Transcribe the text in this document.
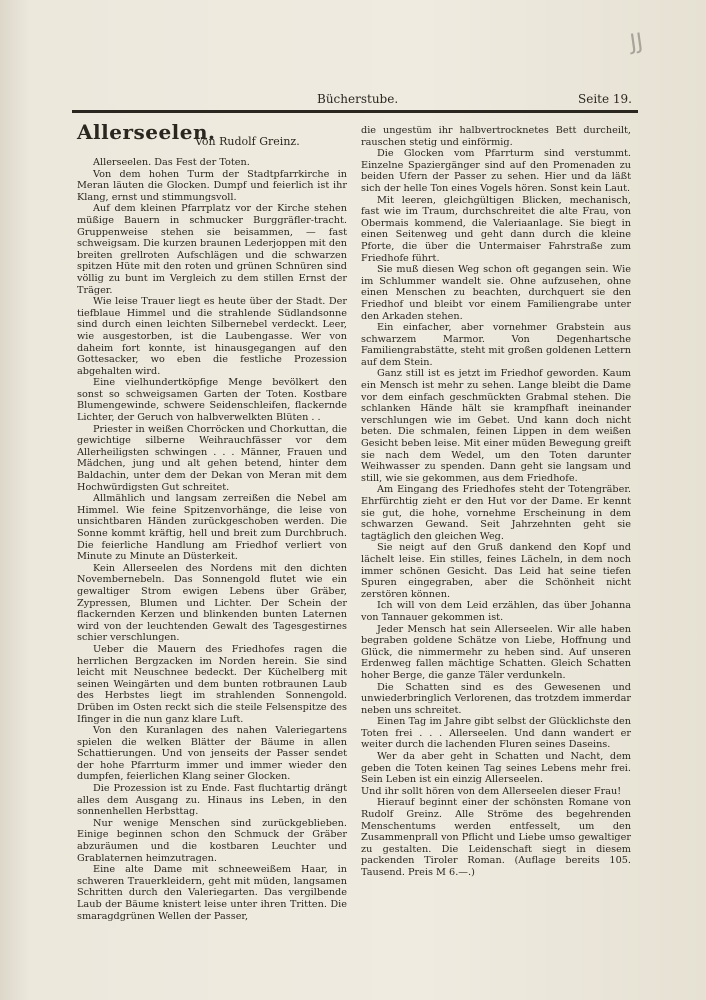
JJ
Bücherstube.	Seite 19.
Allerseelen.
Von Rudolf Greinz.

Allerseelen. Das Fest der Toten.

Von dem hohen Turm der Stadtpfarrkirche in Meran läuten die Glocken. Dumpf und feierlich ist ihr Klang, ernst und stimmungsvoll.

Auf dem kleinen Pfarrplatz vor der Kirche stehen müßige Bauern in schmucker Burggräfler-tracht. Gruppenweise stehen sie beisammen, — fast schweigsam. Die kurzen braunen Lederjoppen mit den breiten grellroten Aufschlägen und die schwarzen spitzen Hüte mit den roten und grünen Schnüren sind völlig zu bunt im Vergleich zu dem stillen Ernst der Träger.

Wie leise Trauer liegt es heute über der Stadt. Der tiefblaue Himmel und die strahlende Südlandsonne sind durch einen leichten Silbernebel verdeckt. Leer, wie ausgestorben, ist die Laubengasse. Wer von daheim fort konnte, ist hinausgegangen auf den Gottesacker, wo eben die festliche Prozession abgehalten wird.

Eine vielhundertköpfige Menge bevölkert den sonst so schweigsamen Garten der Toten. Kostbare Blumengewinde, schwere Seidenschleifen, flackernde Lichter, der Geruch von halbverwelkten Blüten . .

Priester in weißen Chorröcken und Chorkuttan, die gewichtige silberne Weihrauchfässer vor dem Allerheiligsten schwingen . . . Männer, Frauen und Mädchen, jung und alt gehen betend, hinter dem Baldachin, unter dem der Dekan von Meran mit dem Hochwürdigsten Gut schreitet.

Allmählich und langsam zerreißen die Nebel am Himmel. Wie feine Spitzenvorhänge, die leise von unsichtbaren Händen zurückgeschoben werden. Die Sonne kommt kräftig, hell und breit zum Durchbruch. Die feierliche Handlung am Friedhof verliert von Minute zu Minute an Düsterkeit.

Kein Allerseelen des Nordens mit den dichten Novembernebeln. Das Sonnengold flutet wie ein gewaltiger Strom ewigen Lebens über Gräber, Zypressen, Blumen und Lichter. Der Schein der flackernden Kerzen und blinkenden bunten Laternen wird von der leuchtenden Gewalt des Tagesgestirnes schier verschlungen.

Ueber die Mauern des Friedhofes ragen die herrlichen Bergzacken im Norden herein. Sie sind leicht mit Neuschnee bedeckt. Der Küchelberg mit seinen Weingärten und dem bunten rotbraunen Laub des Herbstes liegt im strahlenden Sonnengold. Drüben im Osten reckt sich die steile Felsenspitze des Ifinger in die nun ganz klare Luft.

Von den Kuranlagen des nahen Valeriegartens spielen die welken Blätter der Bäume in allen Schattierungen. Und von jenseits der Passer sendet der hohe Pfarrturm immer und immer wieder den dumpfen, feierlichen Klang seiner Glocken.

Die Prozession ist zu Ende. Fast fluchtartig drängt alles dem Ausgang zu. Hinaus ins Leben, in den sonnenhellen Herbsttag.

Nur wenige Menschen sind zurückgeblieben. Einige beginnen schon den Schmuck der Gräber abzuräumen und die kostbaren Leuchter und Grablaternen heimzutragen.

Eine alte Dame mit schneeweißem Haar, in schweren Trauerkleidern, geht mit müden, langsamen Schritten durch den Valeriegarten. Das vergilbende Laub der Bäume knistert leise unter ihren Tritten. Die smaragdgrünen Wellen der Passer,

die ungestüm ihr halbvertrocknetes Bett durcheilt, rauschen stetig und einförmig.

Die Glocken vom Pfarrturm sind verstummt. Einzelne Spaziergänger sind auf den Promenaden zu beiden Ufern der Passer zu sehen. Hier und da läßt sich der helle Ton eines Vogels hören. Sonst kein Laut.

Mit leeren, gleichgültigen Blicken, mechanisch, fast wie im Traum, durchschreitet die alte Frau, von Obermais kommend, die Valeriaanlage. Sie biegt in einen Seitenweg und geht dann durch die kleine Pforte, die über die Untermaiser Fahrstraße zum Friedhofe führt.

Sie muß diesen Weg schon oft gegangen sein. Wie im Schlummer wandelt sie. Ohne aufzusehen, ohne einen Menschen zu beachten, durchquert sie den Friedhof und bleibt vor einem Familiengrabe unter den Arkaden stehen.

Ein einfacher, aber vornehmer Grabstein aus schwarzem Marmor. Von Degenhartsche Familiengrabstätte, steht mit großen goldenen Lettern auf dem Stein.

Ganz still ist es jetzt im Friedhof geworden. Kaum ein Mensch ist mehr zu sehen. Lange bleibt die Dame vor dem einfach geschmückten Grabmal stehen. Die schlanken Hände hält sie krampfhaft ineinander verschlungen wie im Gebet. Und kann doch nicht beten. Die schmalen, feinen Lippen in dem weißen Gesicht beben leise. Mit einer müden Bewegung greift sie nach dem Wedel, um den Toten darunter Weihwasser zu spenden. Dann geht sie langsam und still, wie sie gekommen, aus dem Friedhofe.

Am Eingang des Friedhofes steht der Totengräber. Ehrfürchtig zieht er den Hut vor der Dame. Er kennt sie gut, die hohe, vornehme Erscheinung in dem schwarzen Gewand. Seit Jahrzehnten geht sie tagtäglich den gleichen Weg.

Sie neigt auf den Gruß dankend den Kopf und lächelt leise. Ein stilles, feines Lächeln, in dem noch immer schönen Gesicht. Das Leid hat seine tiefen Spuren eingegraben, aber die Schönheit nicht zerstören können.

Ich will von dem Leid erzählen, das über Johanna von Tannauer gekommen ist.

Jeder Mensch hat sein Allerseelen. Wir alle haben begraben goldene Schätze von Liebe, Hoffnung und Glück, die nimmermehr zu heben sind. Auf unseren Erdenweg fallen mächtige Schatten. Gleich Schatten hoher Berge, die ganze Täler verdunkeln.

Die Schatten sind es des Gewesenen und unwiederbringlich Verlorenen, das trotzdem immerdar neben uns schreitet.

Einen Tag im Jahre gibt selbst der Glücklichste den Toten frei . . . Allerseelen. Und dann wandert er weiter durch die lachenden Fluren seines Daseins.

Wer da aber geht in Schatten und Nacht, dem geben die Toten keinen Tag seines Lebens mehr frei. Sein Leben ist ein einzig Allerseelen.

Und ihr sollt hören von dem Allerseelen dieser Frau!

Hierauf beginnt einer der schönsten Romane von Rudolf Greinz. Alle Ströme des begehrenden Menschentums werden entfesselt, um den Zusammenprall von Pflicht und Liebe umso gewaltiger zu gestalten. Die Leidenschaft siegt in diesem packenden Tiroler Roman. (Auflage bereits 105. Tausend. Preis M 6.—.)
